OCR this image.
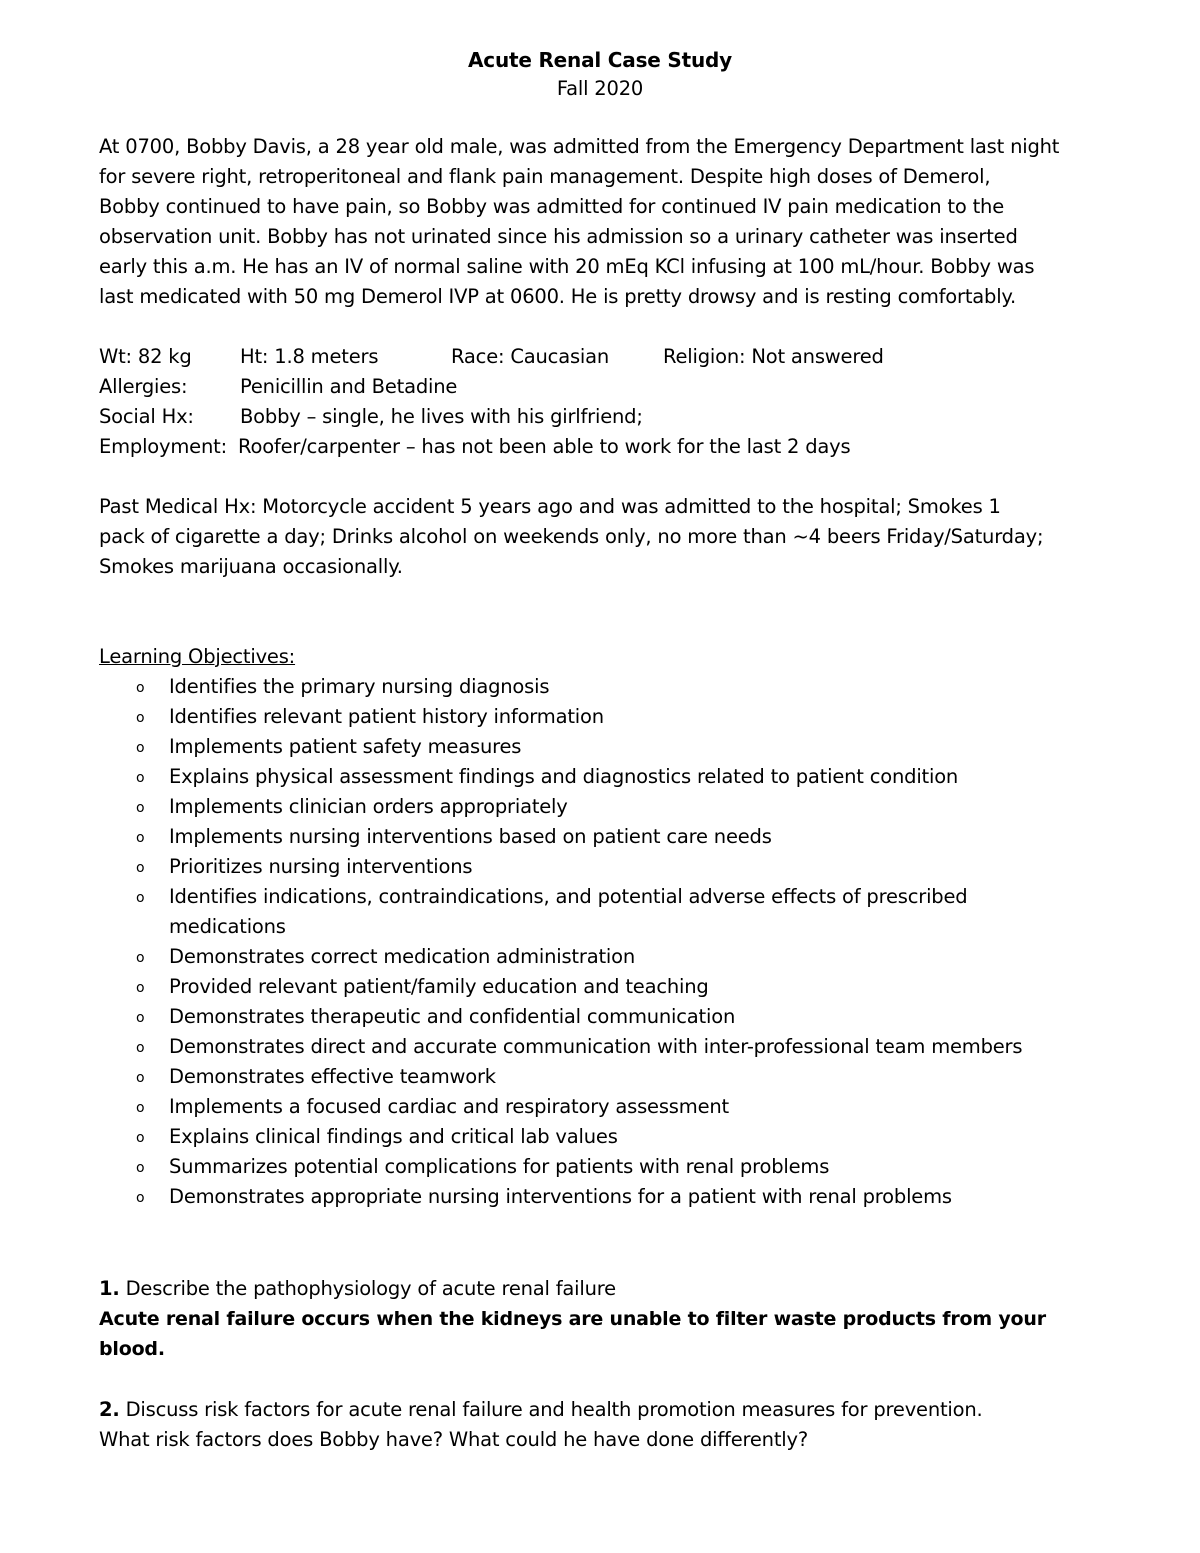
Acute Renal Case Study
Fall 2020
At 0700, Bobby Davis, a 28 year old male, was admitted from the Emergency Department last night
for severe right, retroperitoneal and flank pain management. Despite high doses of Demerol,
Bobby continued to have pain, so Bobby was admitted for continued IV pain medication to the
observation unit. Bobby has not urinated since his admission so a urinary catheter was inserted
early this a.m. He has an IV of normal saline with 20 mEq KCl infusing at 100 mL/hour. Bobby was
last medicated with 50 mg Demerol IVP at 0600. He is pretty drowsy and is resting comfortably.
Wt: 82 kg Ht: 1.8 meters	Race: Caucasian	Religion: Not answered
Allergies:	Penicillin and Betadine
Social Hx: Bobby – single, he lives with his girlfriend;
Employment: Roofer/carpenter – has not been able to work for the last 2 days
Past Medical Hx: Motorcycle accident 5 years ago and was admitted to the hospital; Smokes 1
pack of cigarette a day; Drinks alcohol on weekends only, no more than ~4 beers Friday/Saturday;
Smokes marijuana occasionally.
Learning Objectives:
o Identifies the primary nursing diagnosis
o Identifies relevant patient history information
o Implements patient safety measures
o Explains physical assessment findings and diagnostics related to patient condition
o Implements clinician orders appropriately
o Implements nursing interventions based on patient care needs
o Prioritizes nursing interventions
o Identifies indications, contraindications, and potential adverse effects of prescribed
medications
o Demonstrates correct medication administration
o Provided relevant patient/family education and teaching
o Demonstrates therapeutic and confidential communication
o Demonstrates direct and accurate communication with inter-professional team members
o Demonstrates effective teamwork
o Implements a focused cardiac and respiratory assessment
o Explains clinical findings and critical lab values
o Summarizes potential complications for patients with renal problems
o Demonstrates appropriate nursing interventions for a patient with renal problems
1. Describe the pathophysiology of acute renal failure
Acute renal failure occurs when the kidneys are unable to filter waste products from your
blood.
2. Discuss risk factors for acute renal failure and health promotion measures for prevention.
What risk factors does Bobby have? What could he have done differently?
